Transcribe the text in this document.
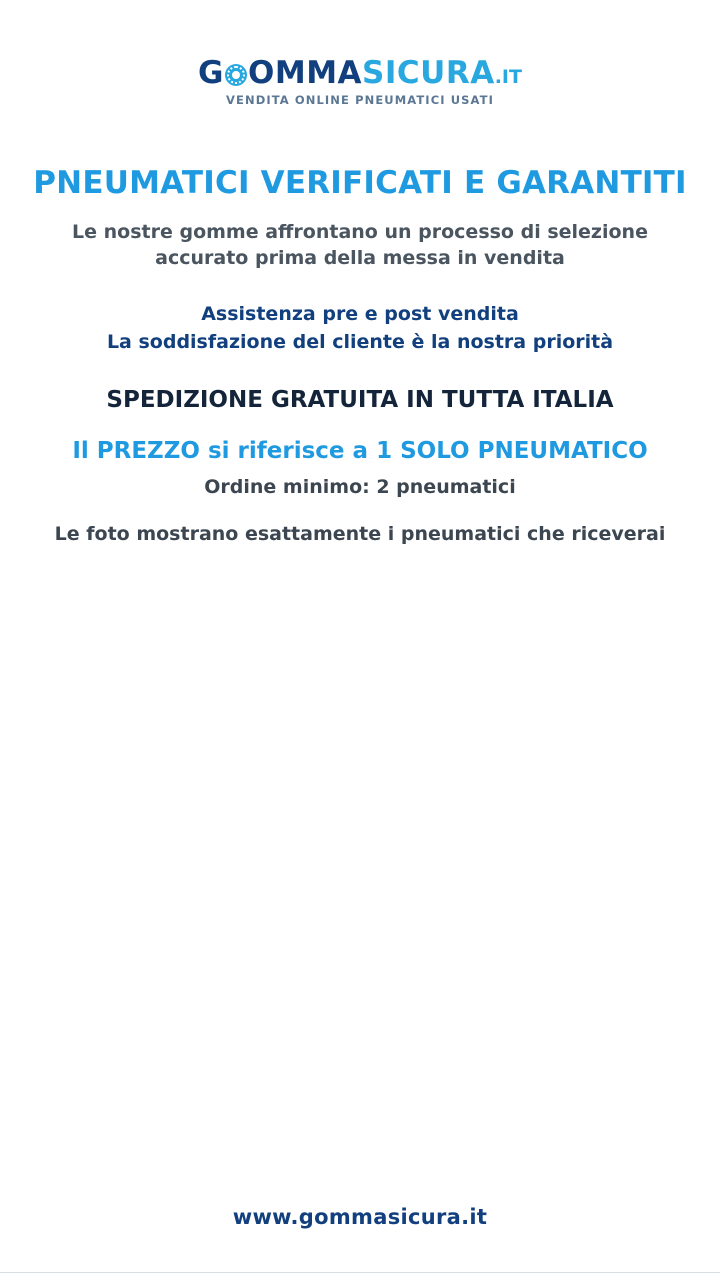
G OMMASICURA.IT
VENDITA ONLINE PNEUMATICI USATI
PNEUMATICI VERIFICATI E GARANTITI
Le nostre gomme affrontano un processo di selezione
accurato prima della messa in vendita
Assistenza pre e post vendita
La soddisfazione del cliente è la nostra priorità
SPEDIZIONE GRATUITA IN TUTTA ITALIA
Il PREZZO si riferisce a 1 SOLO PNEUMATICO
Ordine minimo: 2 pneumatici
Le foto mostrano esattamente i pneumatici che riceverai
www.gommasicura.it
